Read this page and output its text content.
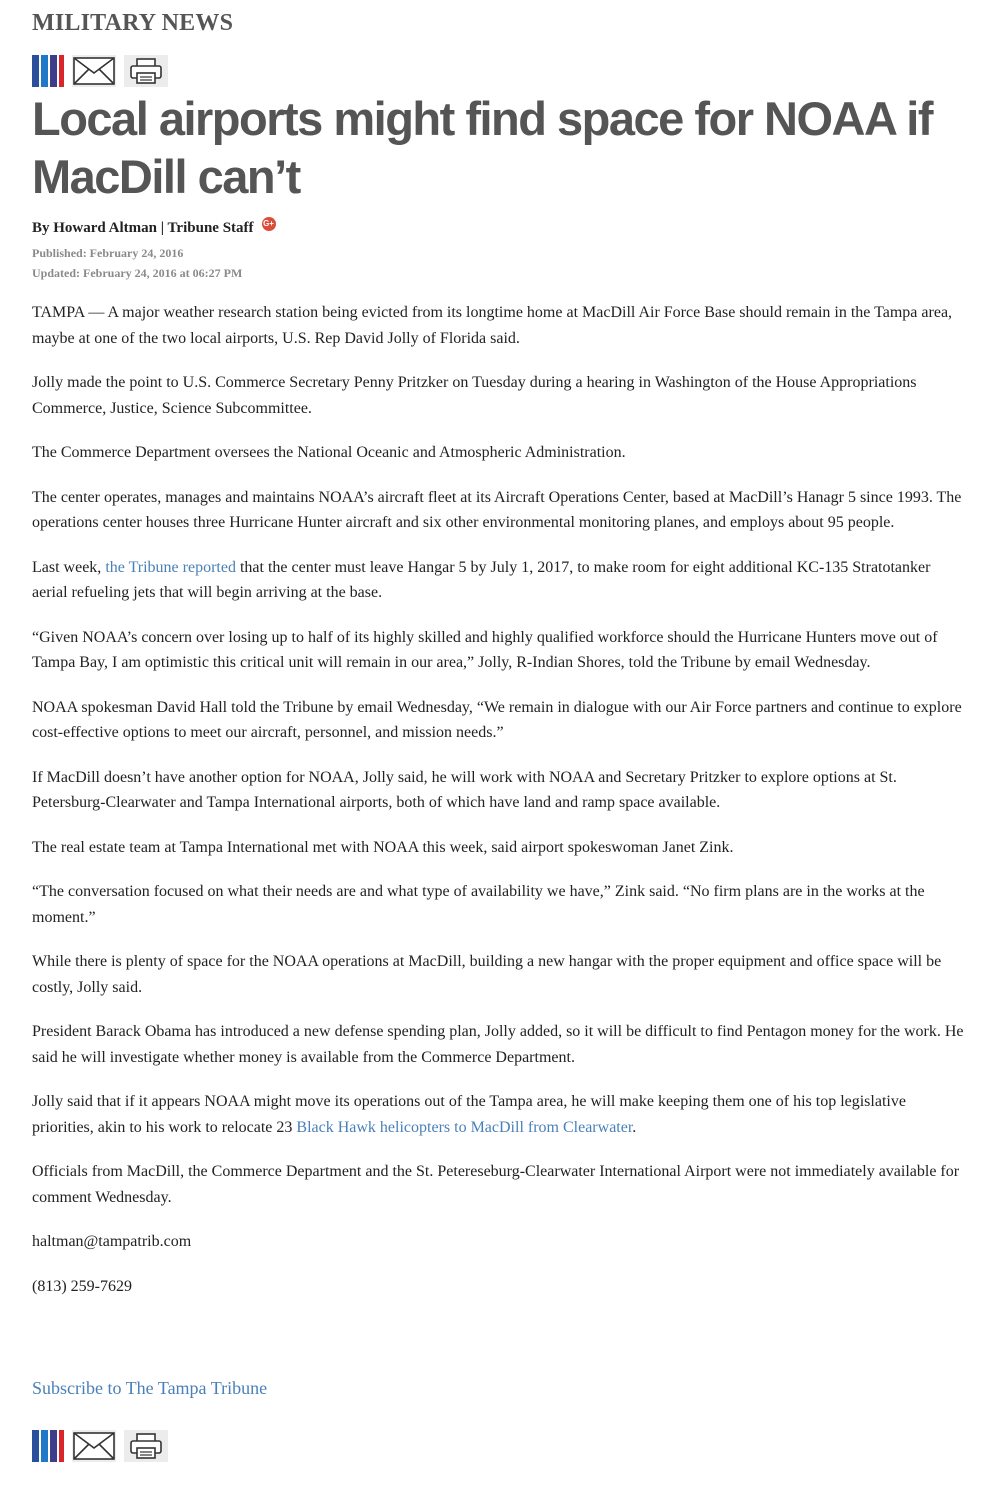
MILITARY NEWS
Local airports might find space for NOAA if MacDill can’t
By Howard Altman | Tribune Staff G+
Published: February 24, 2016
Updated: February 24, 2016 at 06:27 PM

TAMPA — A major weather research station being evicted from its longtime home at MacDill Air Force Base should remain in the Tampa area, maybe at one of the two local airports, U.S. Rep David Jolly of Florida said.

Jolly made the point to U.S. Commerce Secretary Penny Pritzker on Tuesday during a hearing in Washington of the House Appropriations Commerce, Justice, Science Subcommittee.

The Commerce Department oversees the National Oceanic and Atmospheric Administration.

The center operates, manages and maintains NOAA’s aircraft fleet at its Aircraft Operations Center, based at MacDill’s Hanagr 5 since 1993. The operations center houses three Hurricane Hunter aircraft and six other environmental monitoring planes, and employs about 95 people.

Last week, the Tribune reported that the center must leave Hangar 5 by July 1, 2017, to make room for eight additional KC-135 Stratotanker aerial refueling jets that will begin arriving at the base.

“Given NOAA’s concern over losing up to half of its highly skilled and highly qualified workforce should the Hurricane Hunters move out of Tampa Bay, I am optimistic this critical unit will remain in our area,” Jolly, R-Indian Shores, told the Tribune by email Wednesday.

NOAA spokesman David Hall told the Tribune by email Wednesday, “We remain in dialogue with our Air Force partners and continue to explore cost-effective options to meet our aircraft, personnel, and mission needs.”

If MacDill doesn’t have another option for NOAA, Jolly said, he will work with NOAA and Secretary Pritzker to explore options at St. Petersburg-Clearwater and Tampa International airports, both of which have land and ramp space available.

The real estate team at Tampa International met with NOAA this week, said airport spokeswoman Janet Zink.

“The conversation focused on what their needs are and what type of availability we have,” Zink said. “No firm plans are in the works at the moment.”

While there is plenty of space for the NOAA operations at MacDill, building a new hangar with the proper equipment and office space will be costly, Jolly said.

President Barack Obama has introduced a new defense spending plan, Jolly added, so it will be difficult to find Pentagon money for the work. He said he will investigate whether money is available from the Commerce Department.

Jolly said that if it appears NOAA might move its operations out of the Tampa area, he will make keeping them one of his top legislative priorities, akin to his work to relocate 23 Black Hawk helicopters to MacDill from Clearwater.

Officials from MacDill, the Commerce Department and the St. Petereseburg-Clearwater International Airport were not immediately available for comment Wednesday.

haltman@tampatrib.com

(813) 259-7629

Subscribe to The Tampa Tribune
